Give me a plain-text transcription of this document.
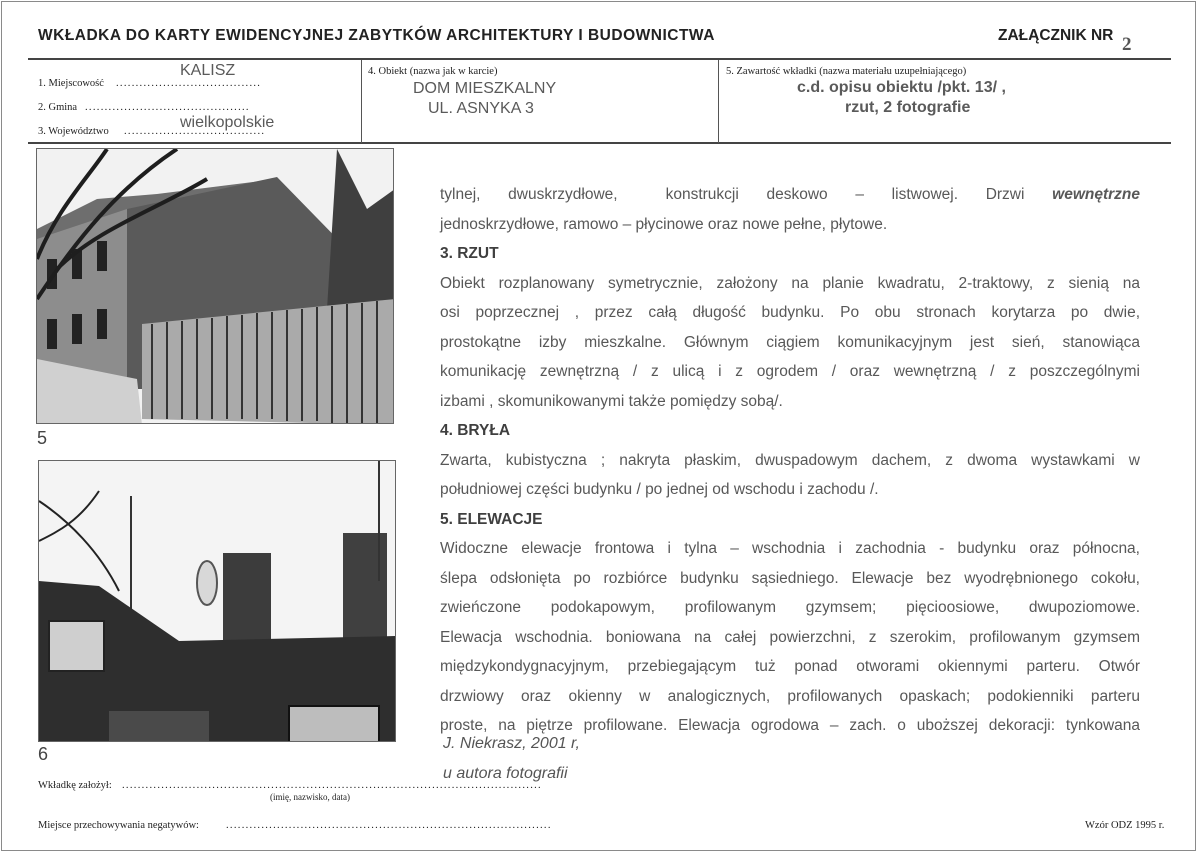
WKŁADKA DO KARTY EWIDENCYJNEJ ZABYTKÓW ARCHITEKTURY I BUDOWNICTWA	ZAŁĄCZNIK NR 2
1. Miejscowość .....................................
KALISZ
2. Gmina ..........................................
3. Województwo ....................................
wielkopolskie
4. Obiekt (nazwa jak w karcie)
DOM MIESZKALNY
UL. ASNYKA 3
5. Zawartość wkładki (nazwa materiału uzupełniającego)
c.d. opisu obiektu /pkt. 13/ ,
rzut, 2 fotografie
5
6

tylnej, dwuskrzydłowe,	konstrukcji deskowo – listwowej. Drzwi wewnętrzne

jednoskrzydłowe, ramowo – płycinowe oraz nowe pełne, płytowe.

3. RZUT

Obiekt rozplanowany symetrycznie, założony na planie kwadratu, 2-traktowy, z sienią na

osi poprzecznej , przez całą długość budynku. Po obu stronach korytarza po dwie,

prostokątne izby mieszkalne. Głównym ciągiem komunikacyjnym jest sień, stanowiąca

komunikację zewnętrzną / z ulicą i z ogrodem / oraz wewnętrzną / z poszczególnymi

izbami , skomunikowanymi także pomiędzy sobą/.

4. BRYŁA

Zwarta, kubistyczna ; nakryta płaskim, dwuspadowym dachem, z dwoma wystawkami w

południowej części budynku / po jednej od wschodu i zachodu /.

5. ELEWACJE

Widoczne elewacje frontowa i tylna – wschodnia i zachodnia - budynku oraz północna,

ślepa odsłonięta po rozbiórce budynku sąsiedniego. Elewacje bez wyodrębnionego cokołu,

zwieńczone podokapowym, profilowanym gzymsem; pięcioosiowe, dwupoziomowe.

Elewacja wschodnia. boniowana na całej powierzchni, z szerokim, profilowanym gzymsem

międzykondygnacyjnym, przebiegającym tuż ponad otworami okiennymi parteru. Otwór

drzwiowy oraz okienny w analogicznych, profilowanych opaskach; podokienniki parteru

proste, na piętrze profilowane. Elewacja ogrodowa – zach. o uboższej dekoracji: tynkowana

J. Niekrasz, 2001 r,
u autora fotografii
Wkładkę założył: ...........................................................................................................
(imię, nazwisko, data)
Miejsce przechowywania negatywów:	...................................................................................	Wzór ODZ 1995 r.
